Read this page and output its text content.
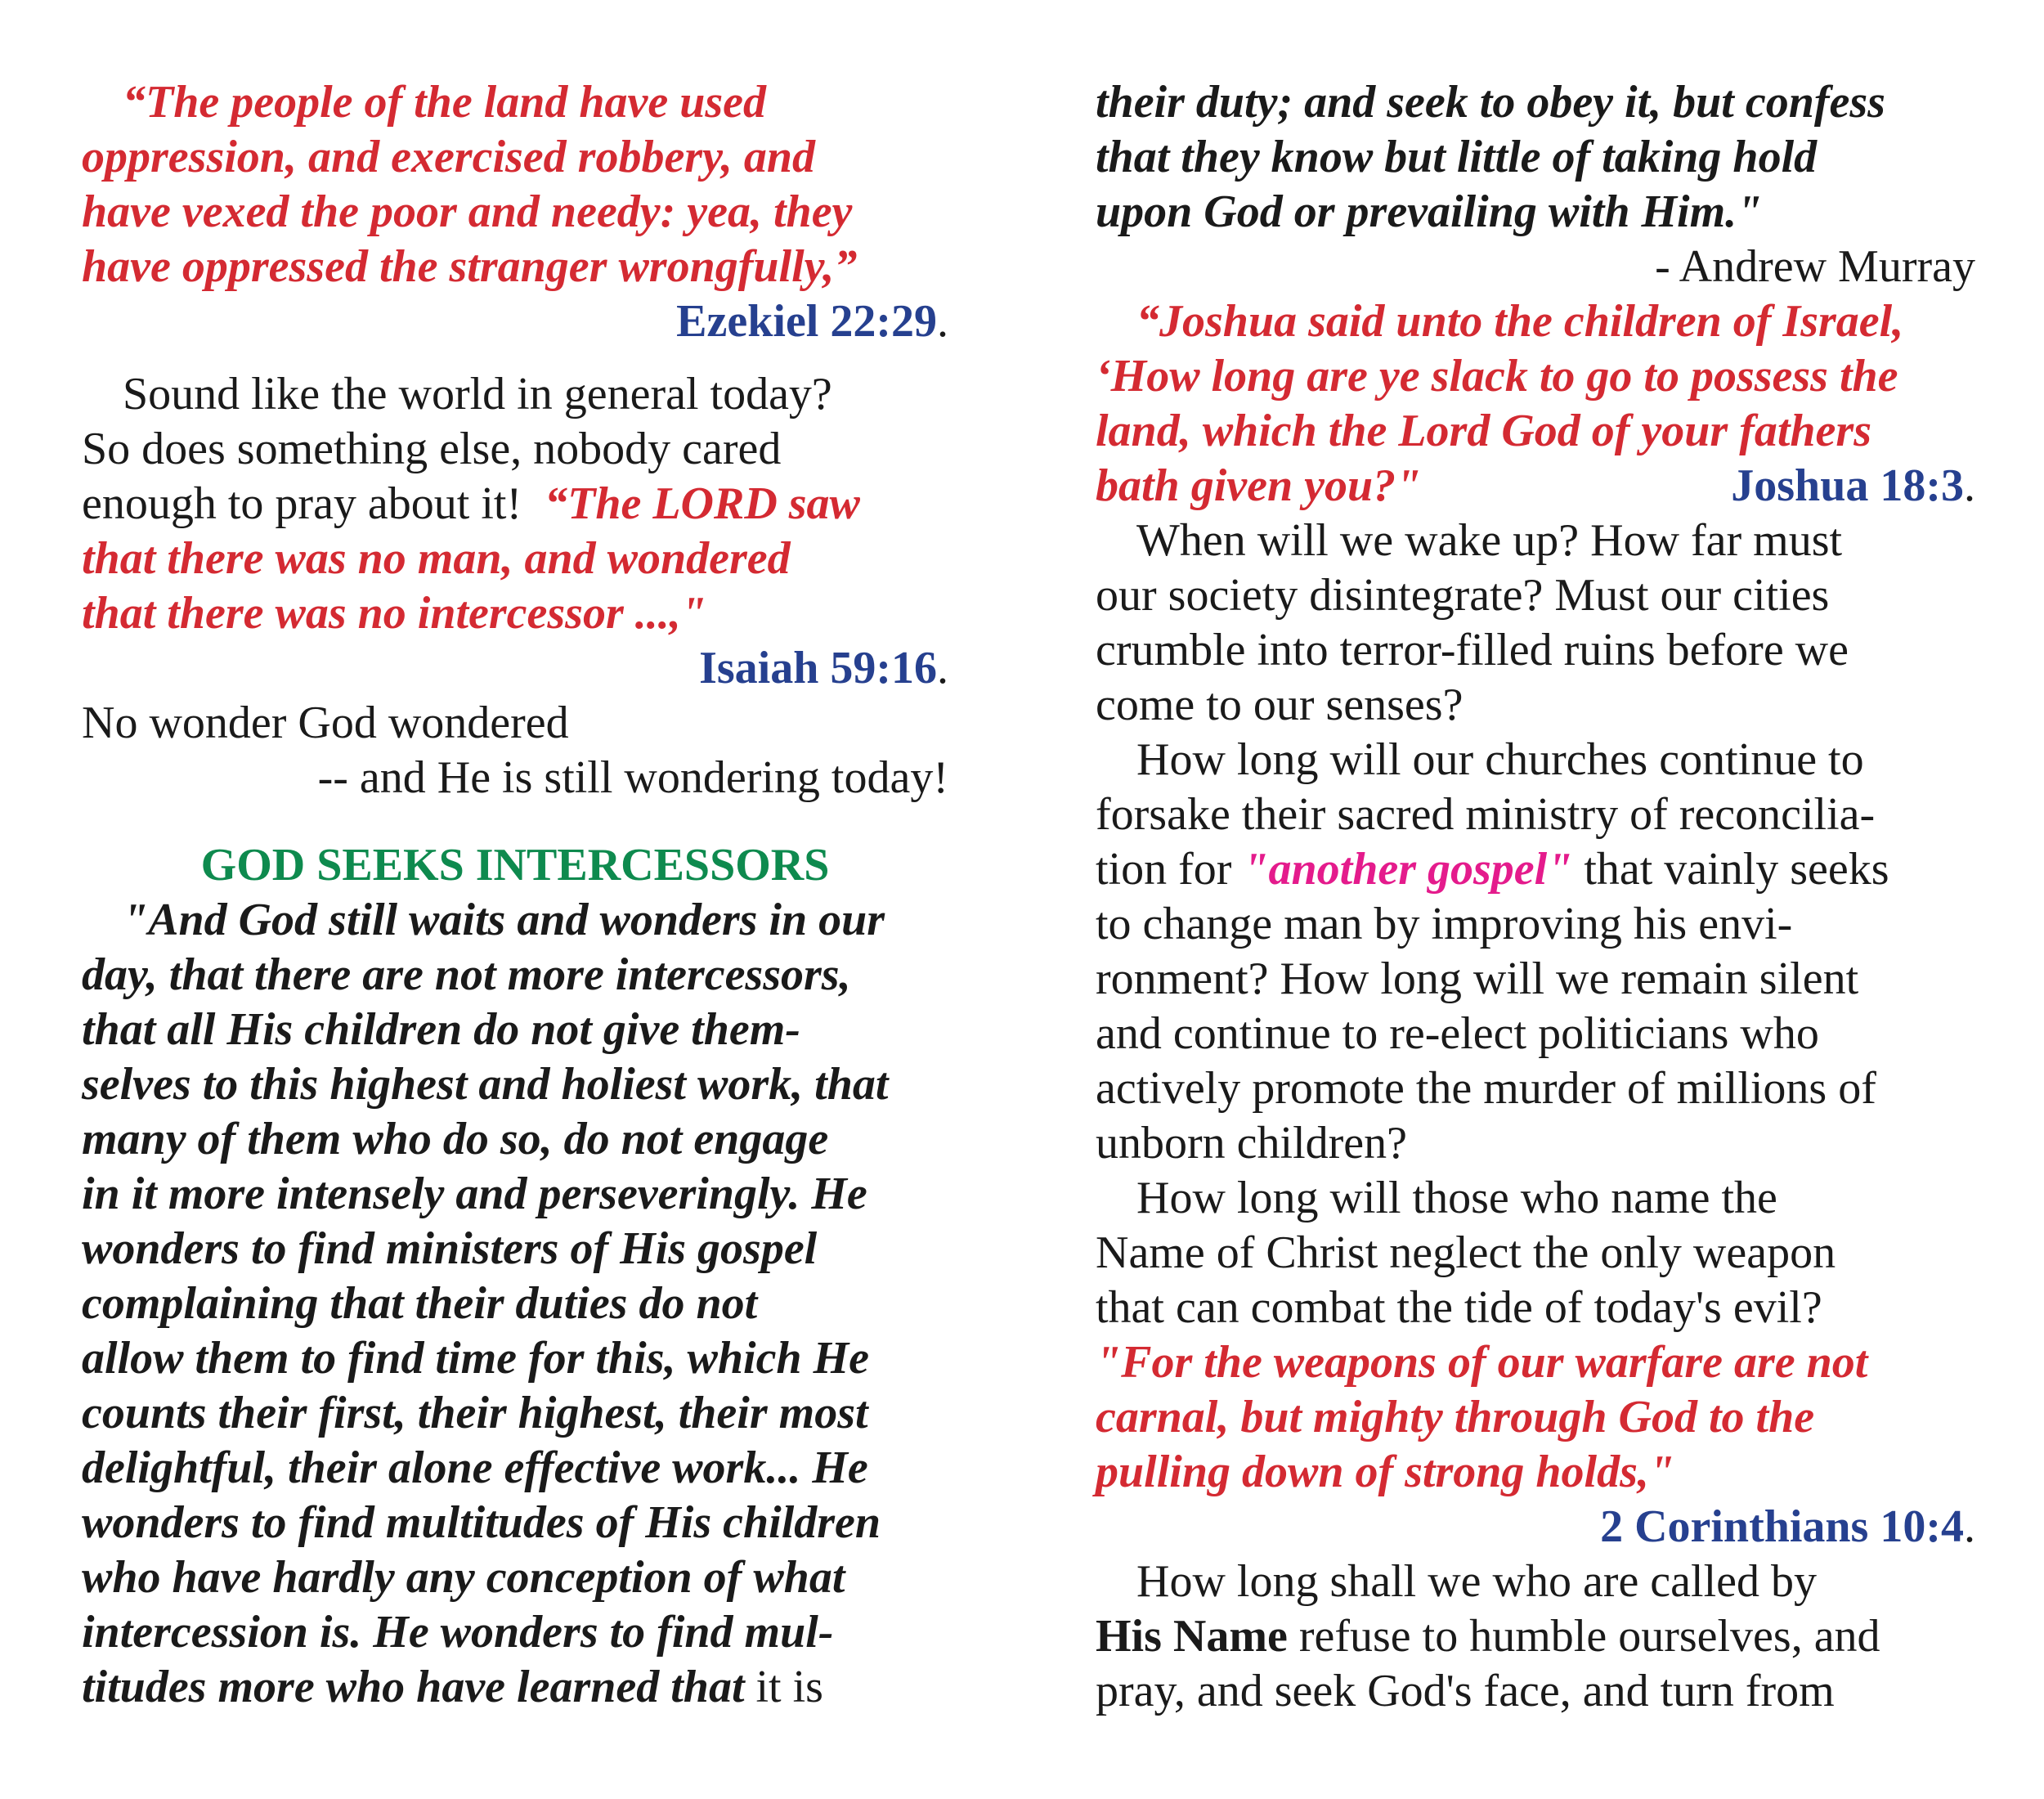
“The people of the land have used
oppression, and exercised robbery, and
have vexed the poor and needy: yea, they
have oppressed the stranger wrongfully,”
Ezekiel 22:29.
Sound like the world in general today?
So does something else, nobody cared
enough to pray about it! “The LORD saw
that there was no man, and wondered
that there was no intercessor ...,"
Isaiah 59:16.
No wonder God wondered
-- and He is still wondering today!
GOD SEEKS INTERCESSORS
"And God still waits and wonders in our
day, that there are not more intercessors,
that all His children do not give them-
selves to this highest and holiest work, that
many of them who do so, do not engage
in it more intensely and perseveringly. He
wonders to find ministers of His gospel
complaining that their duties do not
allow them to find time for this, which He
counts their first, their highest, their most
delightful, their alone effective work... He
wonders to find multitudes of His children
who have hardly any conception of what
intercession is. He wonders to find mul-
titudes more who have learned that it is
their duty; and seek to obey it, but confess
that they know but little of taking hold
upon God or prevailing with Him."
- Andrew Murray
“Joshua said unto the children of Israel,
‘How long are ye slack to go to possess the
land, which the Lord God of your fathers
bath given you?"	Joshua 18:3.
When will we wake up? How far must
our society disintegrate? Must our cities
crumble into terror-filled ruins before we
come to our senses?
How long will our churches continue to
forsake their sacred ministry of reconcilia-
tion for "another gospel" that vainly seeks
to change man by improving his envi-
ronment? How long will we remain silent
and continue to re-elect politicians who
actively promote the murder of millions of
unborn children?
How long will those who name the
Name of Christ neglect the only weapon
that can combat the tide of today's evil?
"For the weapons of our warfare are not
carnal, but mighty through God to the
pulling down of strong holds,"
2 Corinthians 10:4.
How long shall we who are called by
His Name refuse to humble ourselves, and
pray, and seek God's face, and turn from
